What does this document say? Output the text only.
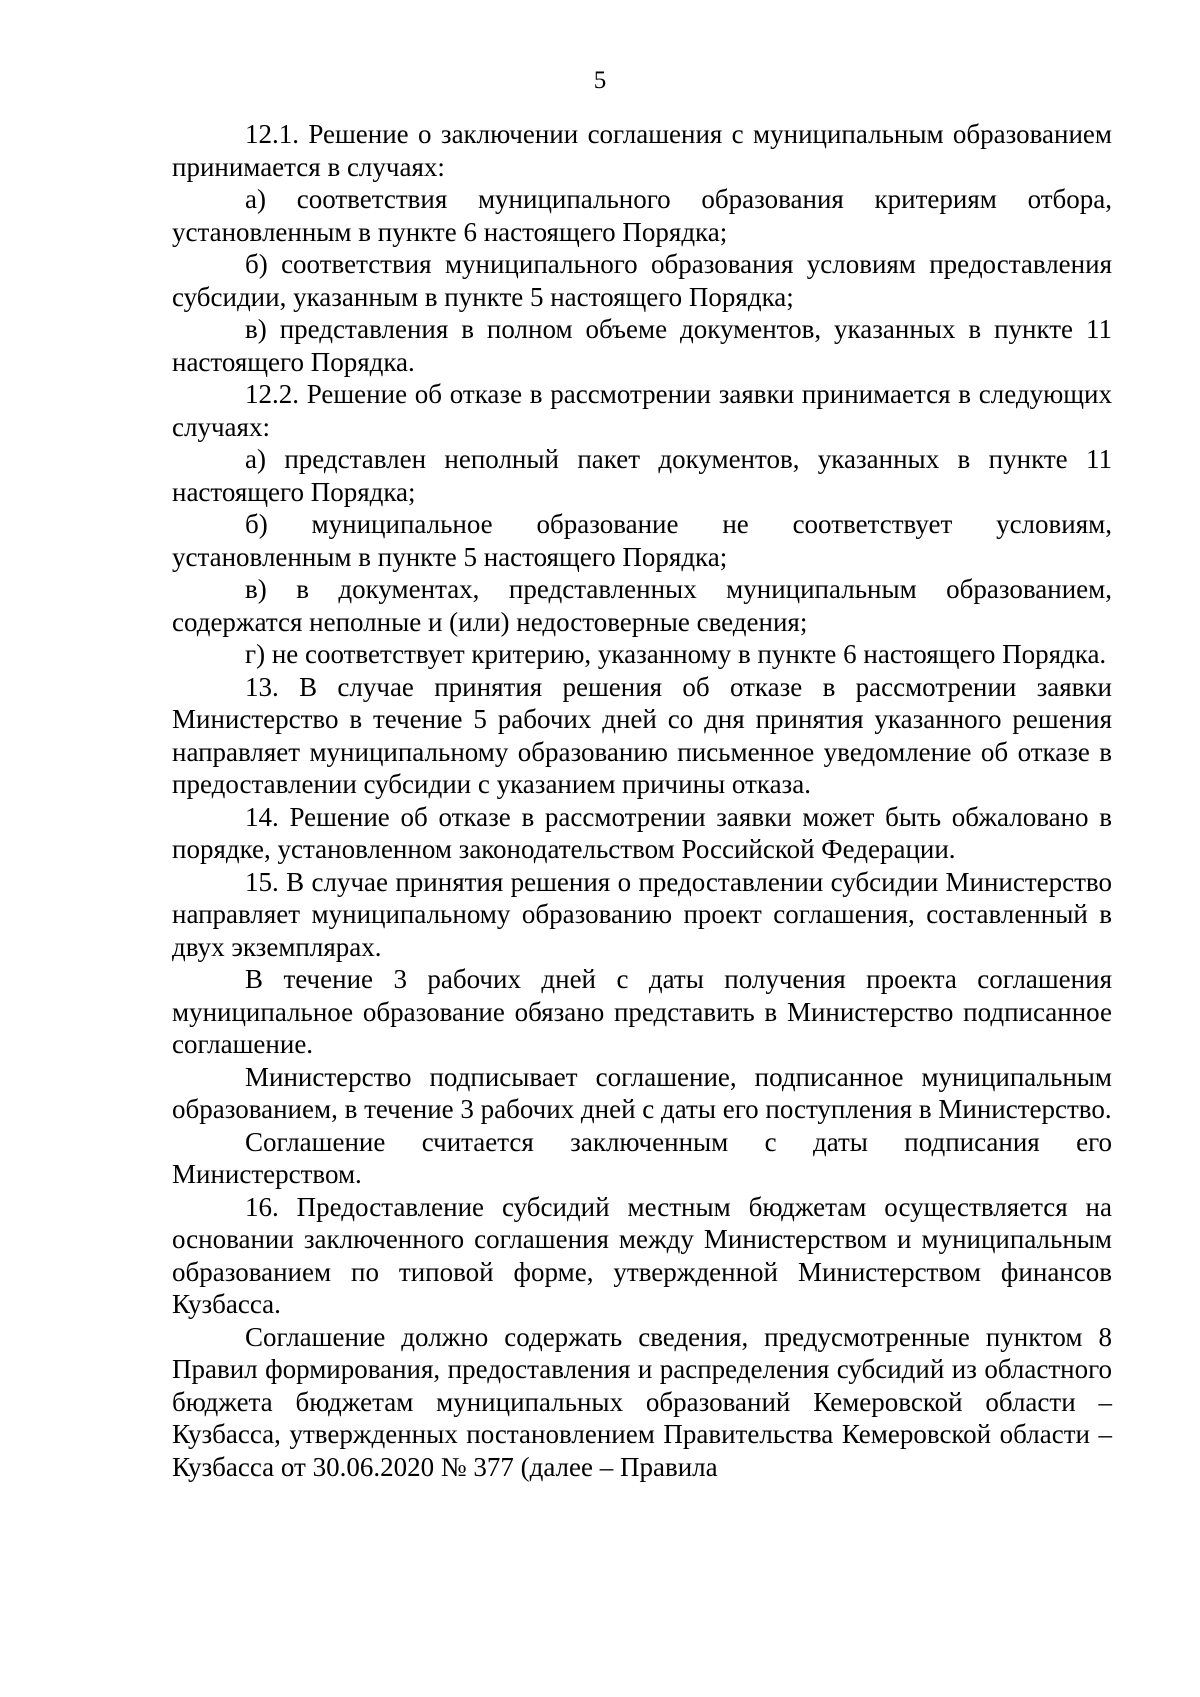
5

12.1. Решение о заключении соглашения с муниципальным образованием принимается в случаях:

а) соответствия муниципального образования критериям отбора, установленным в пункте 6 настоящего Порядка;

б) соответствия муниципального образования условиям предоставления субсидии, указанным в пункте 5 настоящего Порядка;

в) представления в полном объеме документов, указанных в пункте 11 настоящего Порядка.

12.2. Решение об отказе в рассмотрении заявки принимается в следующих случаях:

а) представлен неполный пакет документов, указанных в пункте 11 настоящего Порядка;

б) муниципальное образование не соответствует условиям, установленным в пункте 5 настоящего Порядка;

в) в документах, представленных муниципальным образованием, содержатся неполные и (или) недостоверные сведения;

г) не соответствует критерию, указанному в пункте 6 настоящего Порядка.

13. В случае принятия решения об отказе в рассмотрении заявки Министерство в течение 5 рабочих дней со дня принятия указанного решения направляет муниципальному образованию письменное уведомление об отказе в предоставлении субсидии с указанием причины отказа.

14. Решение об отказе в рассмотрении заявки может быть обжаловано в порядке, установленном законодательством Российской Федерации.

15. В случае принятия решения о предоставлении субсидии Министерство направляет муниципальному образованию проект соглашения, составленный в двух экземплярах.

В течение 3 рабочих дней с даты получения проекта соглашения муниципальное образование обязано представить в Министерство подписанное соглашение.

Министерство подписывает соглашение, подписанное муниципальным образованием, в течение 3 рабочих дней с даты его поступления в Министерство.

Соглашение считается заключенным с даты подписания его Министерством.

16. Предоставление субсидий местным бюджетам осуществляется на основании заключенного соглашения между Министерством и муниципальным образованием по типовой форме, утвержденной Министерством финансов Кузбасса.

Соглашение должно содержать сведения, предусмотренные пунктом 8 Правил формирования, предоставления и распределения субсидий из областного бюджета бюджетам муниципальных образований Кемеровской области – Кузбасса, утвержденных постановлением Правительства Кемеровской области – Кузбасса от 30.06.2020 № 377 (далее – Правила
